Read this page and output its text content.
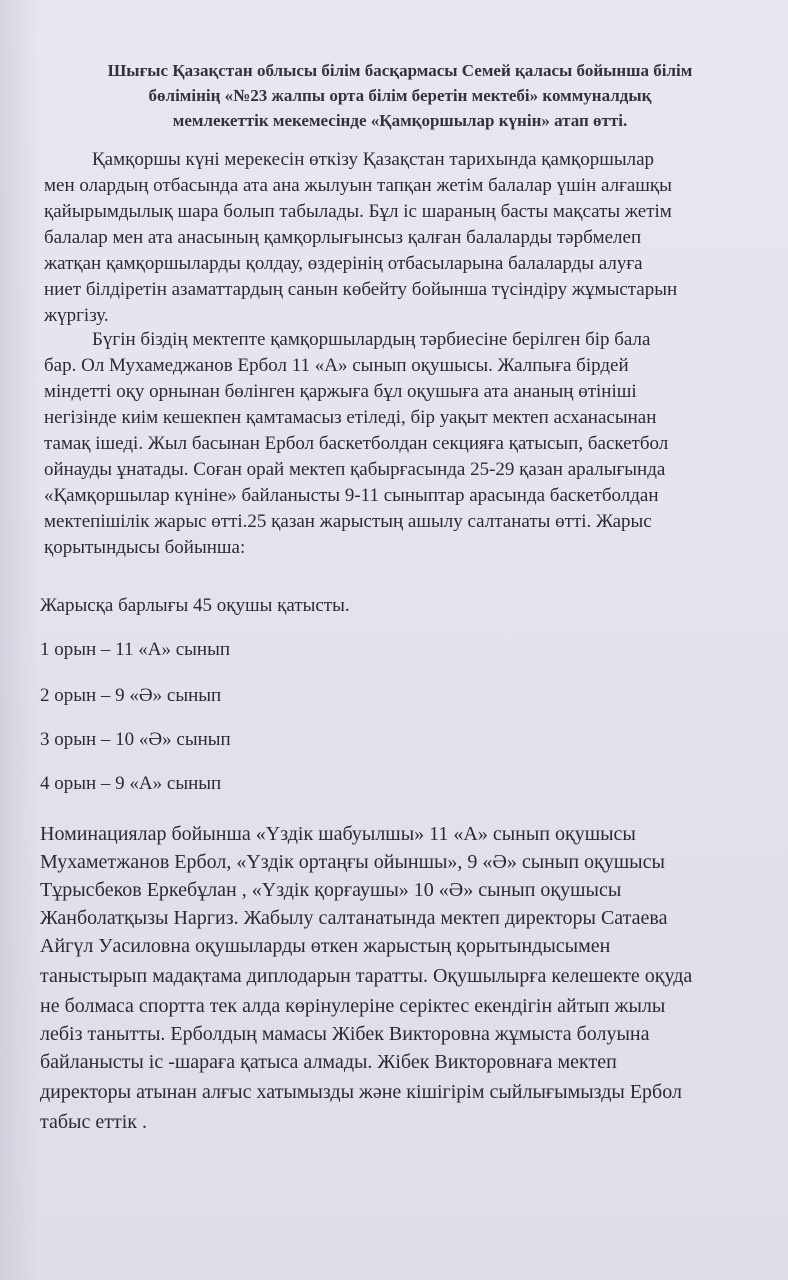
Шығыс Қазақстан облысы білім басқармасы Семей қаласы бойынша білім
бөлімінің «№23 жалпы орта білім беретін мектебі» коммуналдық
мемлекеттік мекемесінде «Қамқоршылар күнін» атап өтті.
Қамқоршы күні мерекесін өткізу Қазақстан тарихында қамқоршылар
мен олардың отбасында ата ана жылуын тапқан жетім балалар үшін алғашқы
қайырымдылық шара болып табылады. Бұл іс шараның басты мақсаты жетім
балалар мен ата анасының қамқорлығынсыз қалған балаларды тәрбмелеп
жатқан қамқоршыларды қолдау, өздерінің отбасыларына балаларды алуға
ниет білдіретін азаматтардың санын көбейту бойынша түсіндіру жұмыстарын
жүргізу.
Бүгін біздің мектепте қамқоршылардың тәрбиесіне берілген бір бала
бар. Ол Мухамеджанов Ербол 11 «А» сынып оқушысы. Жалпыға бірдей
міндетті оқу орнынан бөлінген қаржыға бұл оқушыға ата ананың өтініші
негізінде киім кешекпен қамтамасыз етіледі, бір уақыт мектеп асханасынан
тамақ ішеді. Жыл басынан Ербол баскетболдан секцияға қатысып, баскетбол
ойнауды ұнатады. Соған орай мектеп қабырғасында 25-29 қазан аралығында
«Қамқоршылар күніне» байланысты 9-11 сыныптар арасында баскетболдан
мектепішілік жарыс өтті.25 қазан жарыстың ашылу салтанаты өтті. Жарыс
қорытындысы бойынша:
Жарысқа барлығы 45 оқушы қатысты.
1 орын – 11 «А» сынып
2 орын – 9 «Ә» сынып
3 орын – 10 «Ә» сынып
4 орын – 9 «А» сынып
Номинациялар бойынша «Үздік шабуылшы» 11 «А» сынып оқушысы
Мухаметжанов Ербол, «Үздік ортаңғы ойыншы», 9 «Ә» сынып оқушысы
Тұрысбеков Еркебұлан , «Үздік қорғаушы» 10 «Ә» сынып оқушысы
Жанболатқызы Наргиз. Жабылу салтанатында мектеп директоры Сатаева
Айгүл Уасиловна оқушыларды өткен жарыстың қорытындысымен
таныстырып мадақтама диплодарын таратты. Оқушылырға келешекте оқуда
не болмаса спортта тек алда көрінулеріне серіктес екендігін айтып жылы
лебіз танытты. Ерболдың мамасы Жібек Викторовна жұмыста болуына
байланысты іс -шараға қатыса алмады. Жібек Викторовнаға мектеп
директоры атынан алғыс хатымызды және кішігірім сыйлығымызды Ербол
табыс еттік .
